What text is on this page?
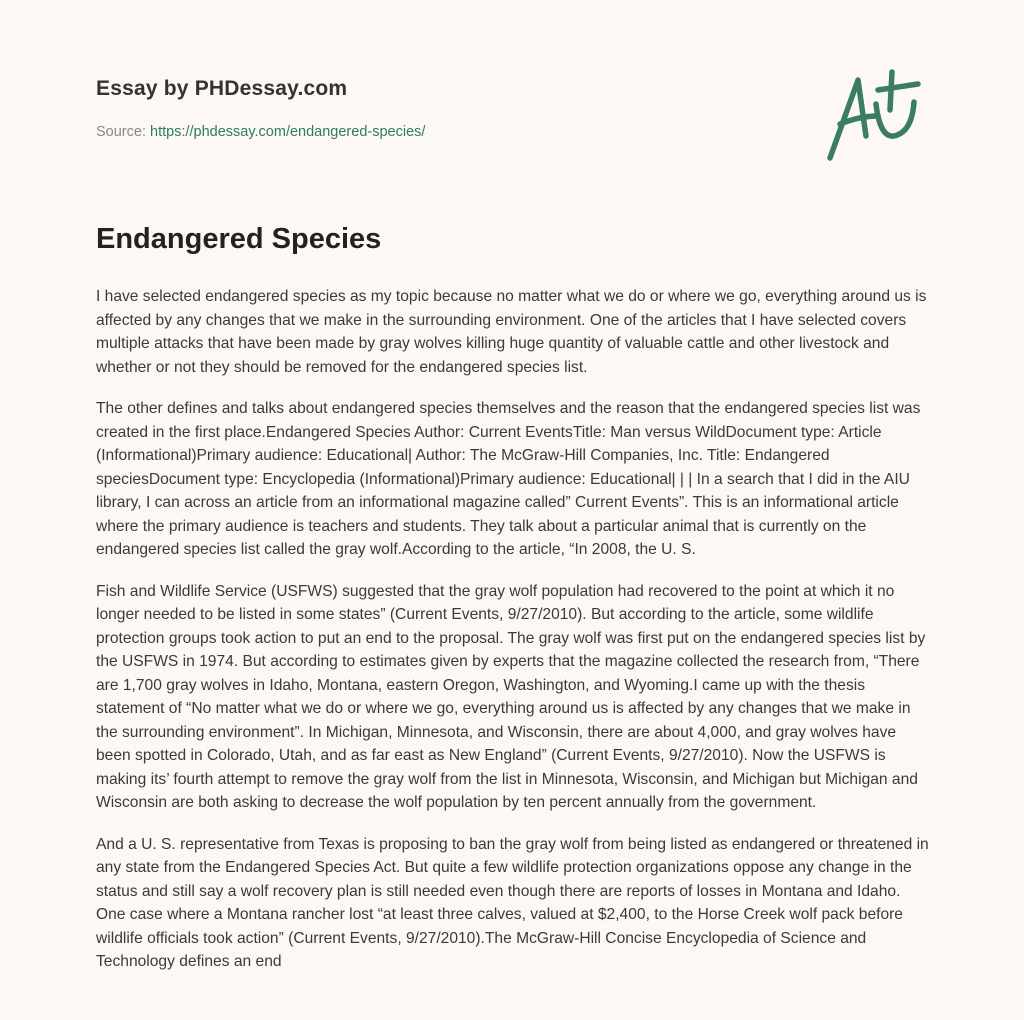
Essay by PHDessay.com
Source: https://phdessay.com/endangered-species/
Endangered Species

I have selected endangered species as my topic because no matter what we do or where we go, everything around us is affected by any changes that we make in the surrounding environment. One of the articles that I have selected covers multiple attacks that have been made by gray wolves killing huge quantity of valuable cattle and other livestock and whether or not they should be removed for the endangered species list.

The other defines and talks about endangered species themselves and the reason that the endangered species list was created in the first place.Endangered Species Author: Current EventsTitle: Man versus WildDocument type: Article (Informational)Primary audience: Educational| Author: The McGraw-Hill Companies, Inc. Title: Endangered speciesDocument type: Encyclopedia (Informational)Primary audience: Educational| | | In a search that I did in the AIU library, I can across an article from an informational magazine called” Current Events”. This is an informational article where the primary audience is teachers and students. They talk about a particular animal that is currently on the endangered species list called the gray wolf.According to the article, “In 2008, the U. S.

Fish and Wildlife Service (USFWS) suggested that the gray wolf population had recovered to the point at which it no longer needed to be listed in some states” (Current Events, 9/27/2010). But according to the article, some wildlife protection groups took action to put an end to the proposal. The gray wolf was first put on the endangered species list by the USFWS in 1974. But according to estimates given by experts that the magazine collected the research from, “There are 1,700 gray wolves in Idaho, Montana, eastern Oregon, Washington, and Wyoming.I came up with the thesis statement of “No matter what we do or where we go, everything around us is affected by any changes that we make in the surrounding environment”. In Michigan, Minnesota, and Wisconsin, there are about 4,000, and gray wolves have been spotted in Colorado, Utah, and as far east as New England” (Current Events, 9/27/2010). Now the USFWS is making its’ fourth attempt to remove the gray wolf from the list in Minnesota, Wisconsin, and Michigan but Michigan and Wisconsin are both asking to decrease the wolf population by ten percent annually from the government.

And a U. S. representative from Texas is proposing to ban the gray wolf from being listed as endangered or threatened in any state from the Endangered Species Act. But quite a few wildlife protection organizations oppose any change in the status and still say a wolf recovery plan is still needed even though there are reports of losses in Montana and Idaho. One case where a Montana rancher lost “at least three calves, valued at $2,400, to the Horse Creek wolf pack before wildlife officials took action” (Current Events, 9/27/2010).The McGraw-Hill Concise Encyclopedia of Science and Technology defines an end
